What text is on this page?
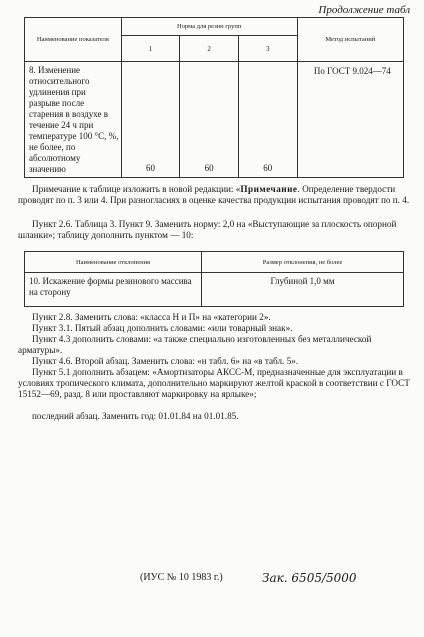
Продолжение табл
Наименование показателя	Норма для резин групп			Метод испытаний
	1	2	3	
8. Изменение относительного удлинения при разрыве после старения в воздухе в течение 24 ч при температуре 100 °С, %, не более, по абсолютному значению	60	60	60	По ГОСТ 9.024—74
Примечание к таблице изложить в новой редакции: «Примечание. Определение твердости проводят по п. 3 или 4. При разногласиях в оценке качества продукции испытания проводят по п. 4.
Пункт 2.6. Таблица 3. Пункт 9. Заменить норму: 2,0 на «Выступающие за плоскость опорной шланки»; таблицу дополнить пунктом — 10:
Наименование отклонения	Размер отклонения, не более
10. Искажение формы резинового массива на сторону	Глубиной 1,0 мм

Пункт 2.8. Заменить слова: «класса Н и П» на «категории 2».

Пункт 3.1. Пятый абзац дополнить словами: «или товарный знак».

Пункт 4.3 дополнить словами: «а также специально изготовленных без металлической арматуры».

Пункт 4.6. Второй абзац. Заменить слова: «н табл. 6» на «в табл. 5».

Пункт 5.1 дополнить абзацем: «Амортизаторы АКСС-М, предназначенные для эксплуатации в условиях тропического климата, дополнительно маркируют желтой краской в соответствии с ГОСТ 15152—69, разд. 8 или проставляют маркировку на ярлыке»;

последний абзац. Заменить год: 01.01.84 на 01.01.85.

(ИУС № 10 1983 г.)	Зак. 6505/5000
